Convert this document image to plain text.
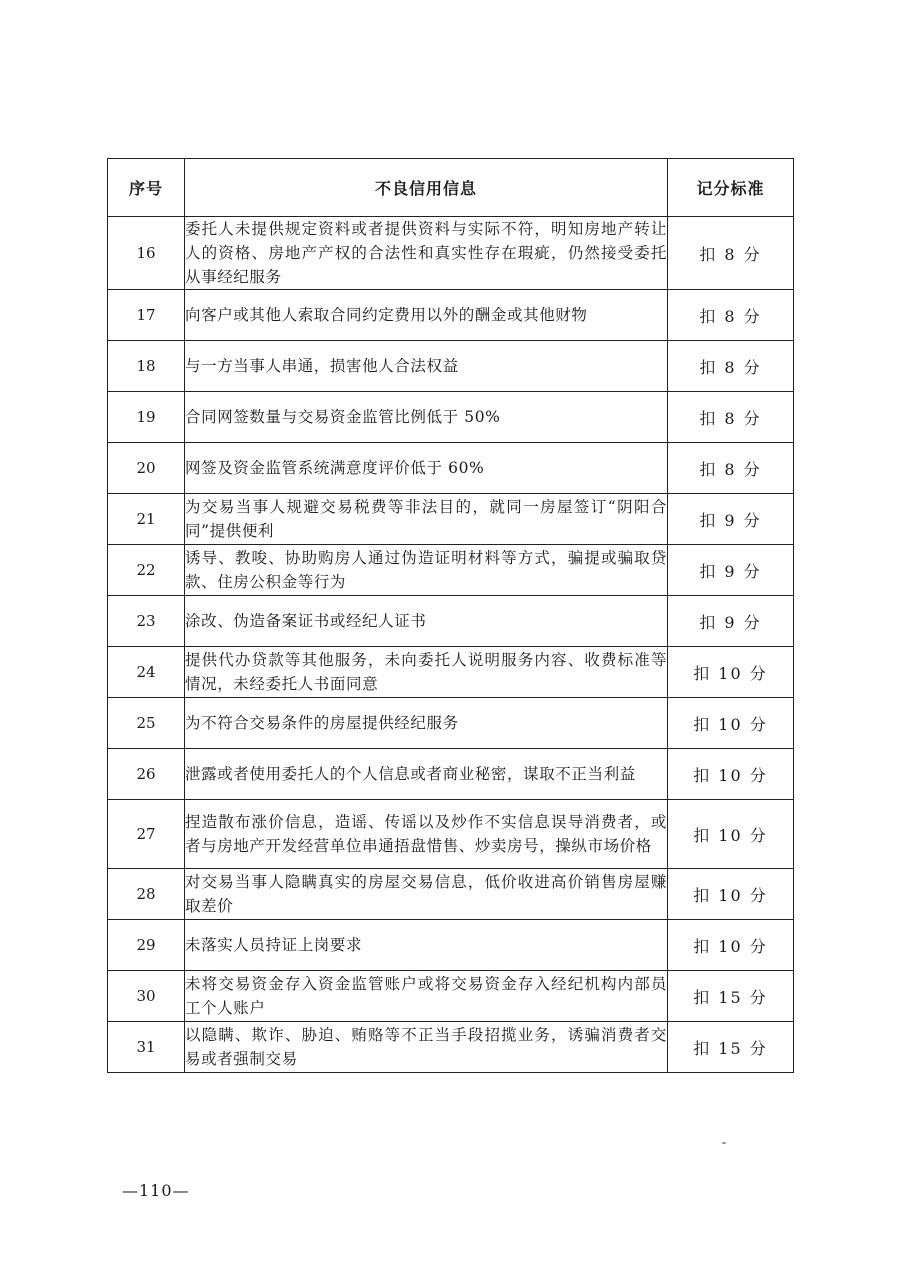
序号	不良信用信息	记分标准
16	委托人未提供规定资料或者提供资料与实际不符，明知房地产转让人的资格、房地产产权的合法性和真实性存在瑕疵，仍然接受委托从事经纪服务	扣 8 分
17	向客户或其他人索取合同约定费用以外的酬金或其他财物	扣 8 分
18	与一方当事人串通，损害他人合法权益	扣 8 分
19	合同网签数量与交易资金监管比例低于 50%	扣 8 分
20	网签及资金监管系统满意度评价低于 60%	扣 8 分
21	为交易当事人规避交易税费等非法目的，就同一房屋签订“阴阳合同”提供便利	扣 9 分
22	诱导、教唆、协助购房人通过伪造证明材料等方式，骗提或骗取贷款、住房公积金等行为	扣 9 分
23	涂改、伪造备案证书或经纪人证书	扣 9 分
24	提供代办贷款等其他服务，未向委托人说明服务内容、收费标准等情况，未经委托人书面同意	扣 10 分
25	为不符合交易条件的房屋提供经纪服务	扣 10 分
26	泄露或者使用委托人的个人信息或者商业秘密，谋取不正当利益	扣 10 分
27	捏造散布涨价信息，造谣、传谣以及炒作不实信息误导消费者，或者与房地产开发经营单位串通捂盘惜售、炒卖房号，操纵市场价格	扣 10 分
28	对交易当事人隐瞒真实的房屋交易信息，低价收进高价销售房屋赚取差价	扣 10 分
29	未落实人员持证上岗要求	扣 10 分
30	未将交易资金存入资金监管账户或将交易资金存入经纪机构内部员工个人账户	扣 15 分
31	以隐瞒、欺诈、胁迫、贿赂等不正当手段招揽业务，诱骗消费者交易或者强制交易	扣 15 分
—110—
